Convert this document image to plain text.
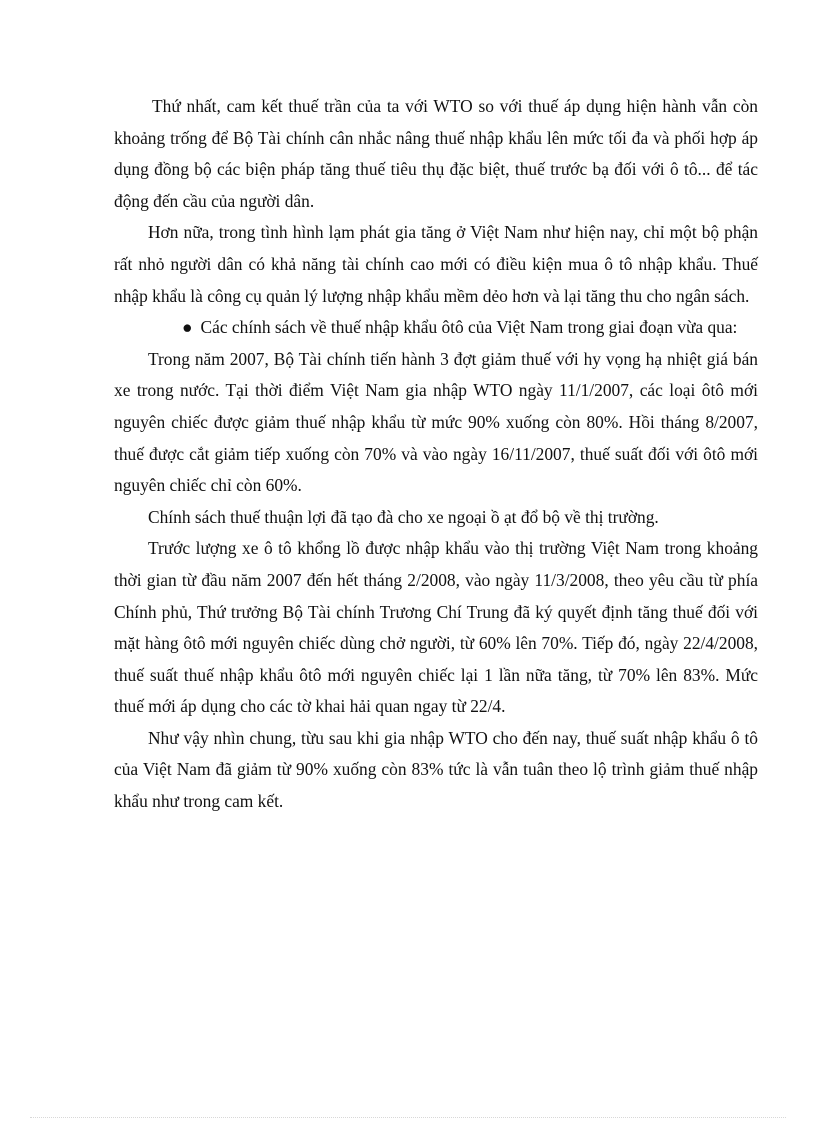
Thứ nhất, cam kết thuế trần của ta với WTO so với thuế áp dụng hiện hành vẫn còn khoảng trống để Bộ Tài chính cân nhắc nâng thuế nhập khẩu lên mức tối đa và phối hợp áp dụng đồng bộ các biện pháp tăng thuế tiêu thụ đặc biệt, thuế trước bạ đối với ô tô... để tác động đến cầu của người dân.

Hơn nữa, trong tình hình lạm phát gia tăng ở Việt Nam như hiện nay, chỉ một bộ phận rất nhỏ người dân có khả năng tài chính cao mới có điều kiện mua ô tô nhập khẩu. Thuế nhập khẩu là công cụ quản lý lượng nhập khẩu mềm dẻo hơn và lại tăng thu cho ngân sách.

● Các chính sách về thuế nhập khẩu ôtô của Việt Nam trong giai đoạn vừa qua:

Trong năm 2007, Bộ Tài chính tiến hành 3 đợt giảm thuế với hy vọng hạ nhiệt giá bán xe trong nước. Tại thời điểm Việt Nam gia nhập WTO ngày 11/1/2007, các loại ôtô mới nguyên chiếc được giảm thuế nhập khẩu từ mức 90% xuống còn 80%. Hồi tháng 8/2007, thuế được cắt giảm tiếp xuống còn 70% và vào ngày 16/11/2007, thuế suất đối với ôtô mới nguyên chiếc chỉ còn 60%.

Chính sách thuế thuận lợi đã tạo đà cho xe ngoại ồ ạt đổ bộ về thị trường.

Trước lượng xe ô tô khổng lồ được nhập khẩu vào thị trường Việt Nam trong khoảng thời gian từ đầu năm 2007 đến hết tháng 2/2008, vào ngày 11/3/2008, theo yêu cầu từ phía Chính phủ, Thứ trưởng Bộ Tài chính Trương Chí Trung đã ký quyết định tăng thuế đối với mặt hàng ôtô mới nguyên chiếc dùng chở người, từ 60% lên 70%. Tiếp đó, ngày 22/4/2008, thuế suất thuế nhập khẩu ôtô mới nguyên chiếc lại 1 lần nữa tăng, từ 70% lên 83%. Mức thuế mới áp dụng cho các tờ khai hải quan ngay từ 22/4.

Như vậy nhìn chung, từu sau khi gia nhập WTO cho đến nay, thuế suất nhập khẩu ô tô của Việt Nam đã giảm từ 90% xuống còn 83% tức là vẫn tuân theo lộ trình giảm thuế nhập khẩu như trong cam kết.
